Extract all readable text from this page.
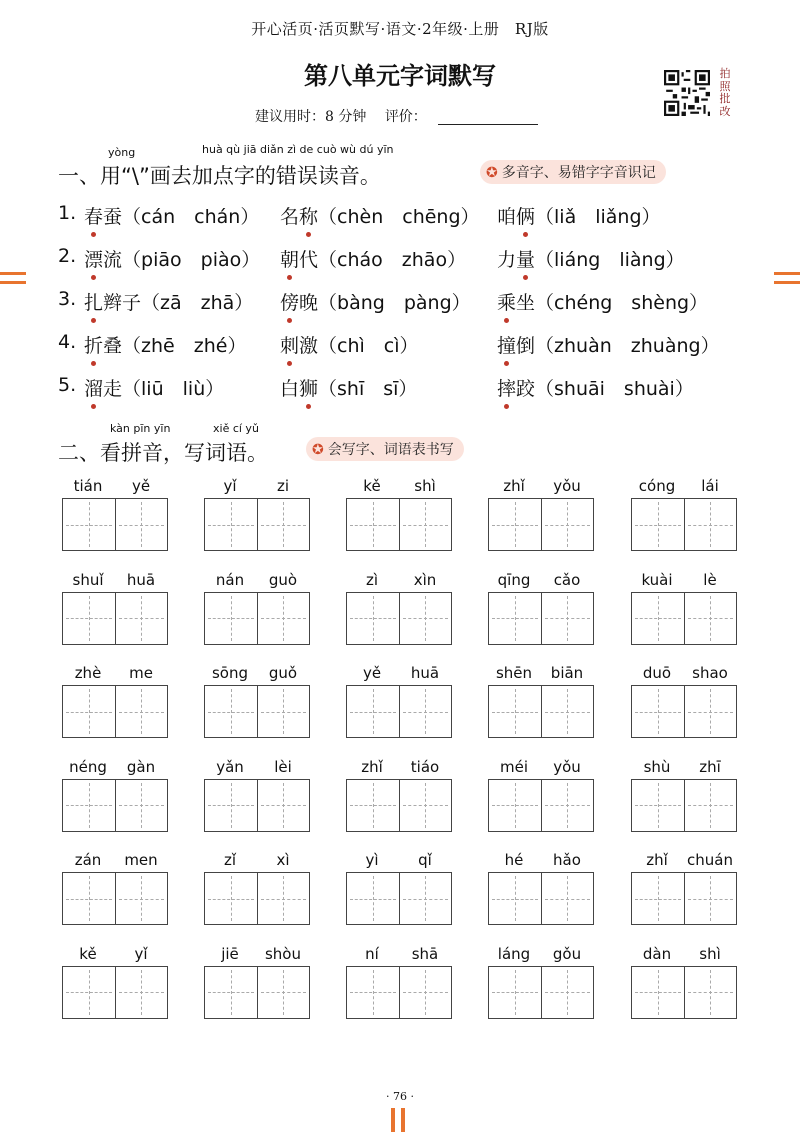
开心活页·活页默写·语文·2年级·上册　RJ版
第八单元字词默写
建议用时：8 分钟 评价：
拍
照
批
改
yòng	huà qù jiā diǎn zì de cuò wù dú yīn
一、用“\”画去加点字的错误读音。	✪ 多音字、易错字字音识记
1. 春蚕（cán　chán） 名称（chèn　chēng） 咱俩（liǎ　liǎng）
2. 漂流（piāo　piào） 朝代（cháo　zhāo） 力量（liáng　liàng）
3. 扎辫子（zā　zhā） 傍晚（bàng　pàng） 乘坐（chéng　shèng）
4. 折叠（zhē　zhé） 刺激（chì　cì）	撞倒（zhuàn　zhuàng）
5. 溜走（liū　liù）	白狮（shī　sī）	摔跤（shuāi　shuài）
kàn pīn yīn	xiě cí yǔ
二、看拼音，写词语。	✪ 会写字、词语表书写
tián	yě	yǐ	zi	kě	shì	zhǐ	yǒu	cóng	lái
shuǐ	huā	nán	guò	zì	xìn	qīng	cǎo	kuài	lè
zhè	me	sōng	guǒ	yě	huā	shēn	biān	duō	shao
néng	gàn	yǎn	lèi	zhǐ	tiáo	méi	yǒu	shù	zhī
zán	men	zǐ	xì	yì	qǐ	hé	hǎo	zhǐ	chuán
kě	yǐ	jiē	shòu	ní	shā	láng	gǒu	dàn	shì
· 76 ·
